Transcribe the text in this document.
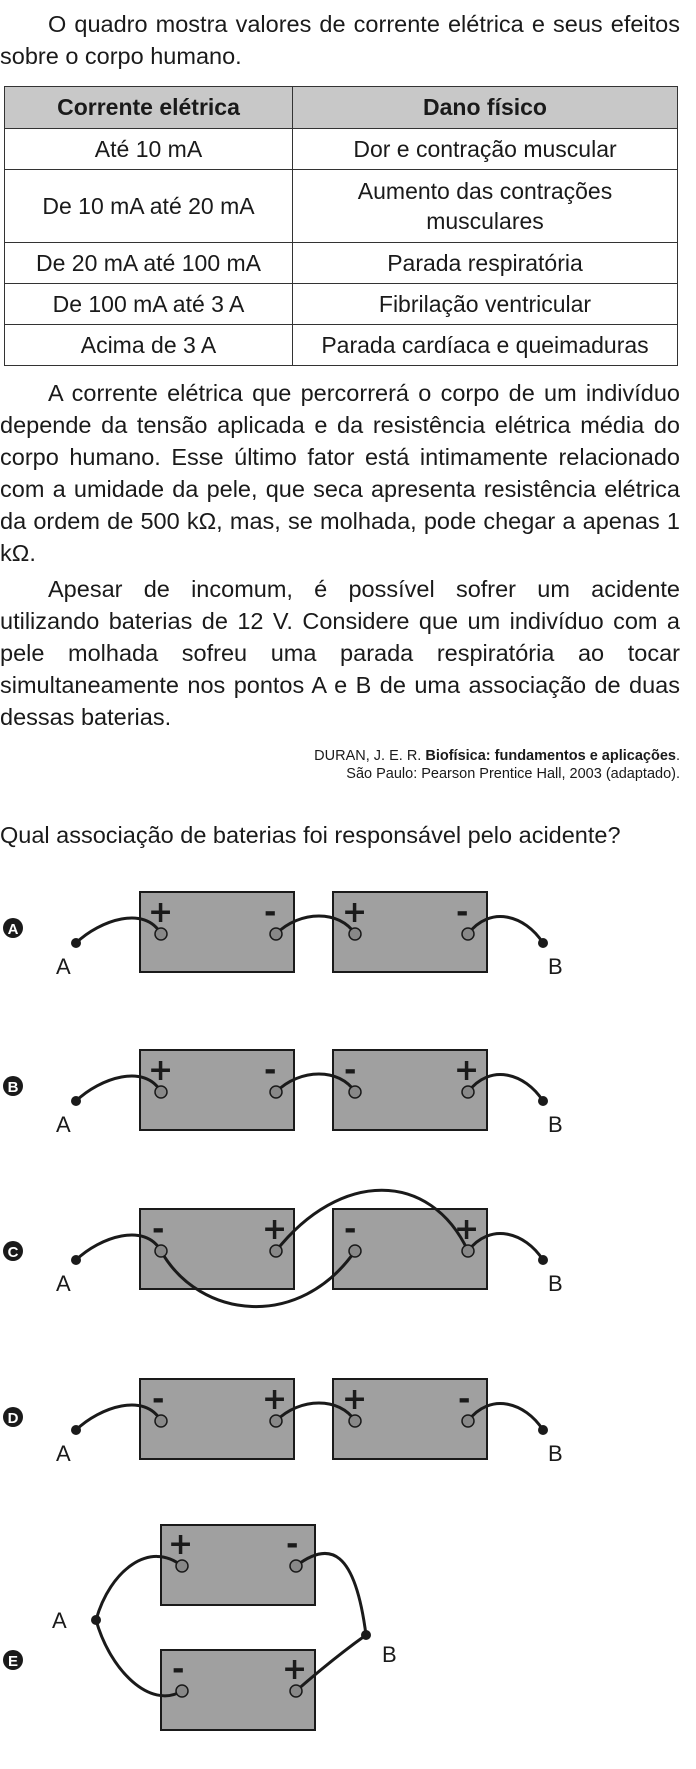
O quadro mostra valores de corrente elétrica e seus efeitos sobre o corpo humano.

Corrente elétrica	Dano físico
Até 10 mA	Dor e contração muscular
De 10 mA até 20 mA	Aumento das contrações musculares
De 20 mA até 100 mA	Parada respiratória
De 100 mA até 3 A	Fibrilação ventricular
Acima de 3 A	Parada cardíaca e queimaduras

A corrente elétrica que percorrerá o corpo de um indivíduo depende da tensão aplicada e da resistência elétrica média do corpo humano. Esse último fator está intimamente relacionado com a umidade da pele, que seca apresenta resistência elétrica da ordem de 500 kΩ, mas, se molhada, pode chegar a apenas 1 kΩ.

Apesar de incomum, é possível sofrer um acidente utilizando baterias de 12 V. Considere que um indivíduo com a pele molhada sofreu uma parada respiratória ao tocar simultaneamente nos pontos A e B de uma associação de duas dessas baterias.

DURAN, J. E. R. Biofísica: fundamentos e aplicações.
São Paulo: Pearson Prentice Hall, 2003 (adaptado).
Qual associação de baterias foi responsável pelo acidente?
A
B
C
D
E
A	B
A	B
A	B
A	B
A
B
+	- +	-
+	- -	+
-	+ -	+
-	+ +	-
+	-
-	+
